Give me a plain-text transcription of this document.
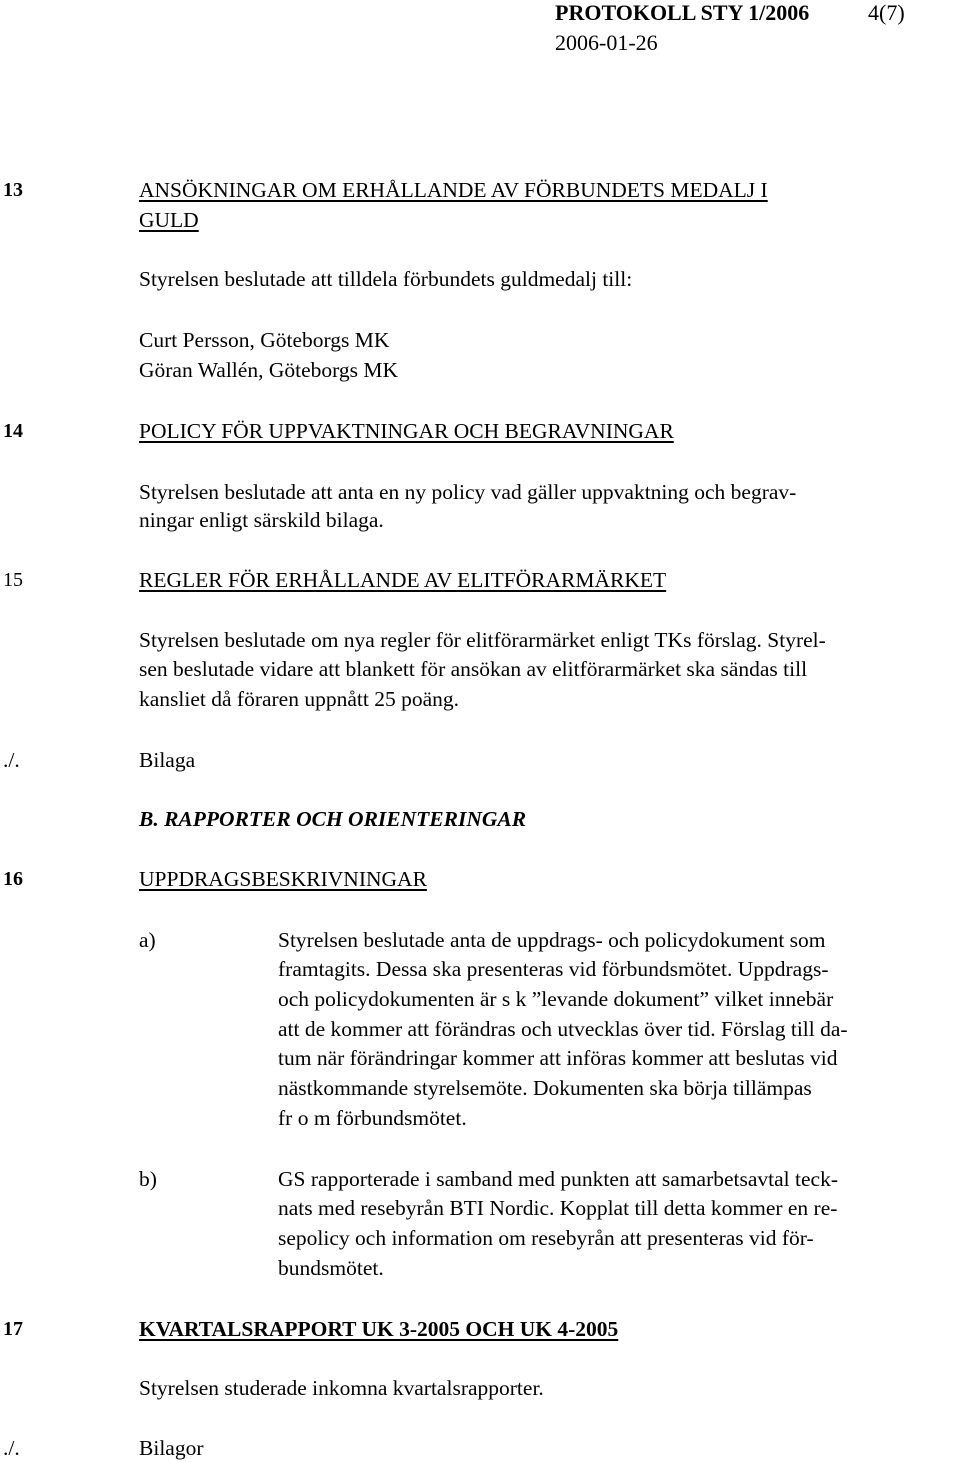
PROTOKOLL STY 1/2006	4(7)
2006-01-26
13	ANSÖKNINGAR OM ERHÅLLANDE AV FÖRBUNDETS MEDALJ I
GULD
Styrelsen beslutade att tilldela förbundets guldmedalj till:
Curt Persson, Göteborgs MK
Göran Wallén, Göteborgs MK
14	POLICY FÖR UPPVAKTNINGAR OCH BEGRAVNINGAR
Styrelsen beslutade att anta en ny policy vad gäller uppvaktning och begrav-
ningar enligt särskild bilaga.
15	REGLER FÖR ERHÅLLANDE AV ELITFÖRARMÄRKET
Styrelsen beslutade om nya regler för elitförarmärket enligt TKs förslag. Styrel-
sen beslutade vidare att blankett för ansökan av elitförarmärket ska sändas till
kansliet då föraren uppnått 25 poäng.
./.	Bilaga
B. RAPPORTER OCH ORIENTERINGAR
16	UPPDRAGSBESKRIVNINGAR
a)	Styrelsen beslutade anta de uppdrags- och policydokument som
framtagits. Dessa ska presenteras vid förbundsmötet. Uppdrags-
och policydokumenten är s k ”levande dokument” vilket innebär
att de kommer att förändras och utvecklas över tid. Förslag till da-
tum när förändringar kommer att införas kommer att beslutas vid
nästkommande styrelsemöte. Dokumenten ska börja tillämpas
fr o m förbundsmötet.
b)	GS rapporterade i samband med punkten att samarbetsavtal teck-
nats med resebyrån BTI Nordic. Kopplat till detta kommer en re-
sepolicy och information om resebyrån att presenteras vid för-
bundsmötet.
17	KVARTALSRAPPORT UK 3-2005 OCH UK 4-2005
Styrelsen studerade inkomna kvartalsrapporter.
./.	Bilagor
